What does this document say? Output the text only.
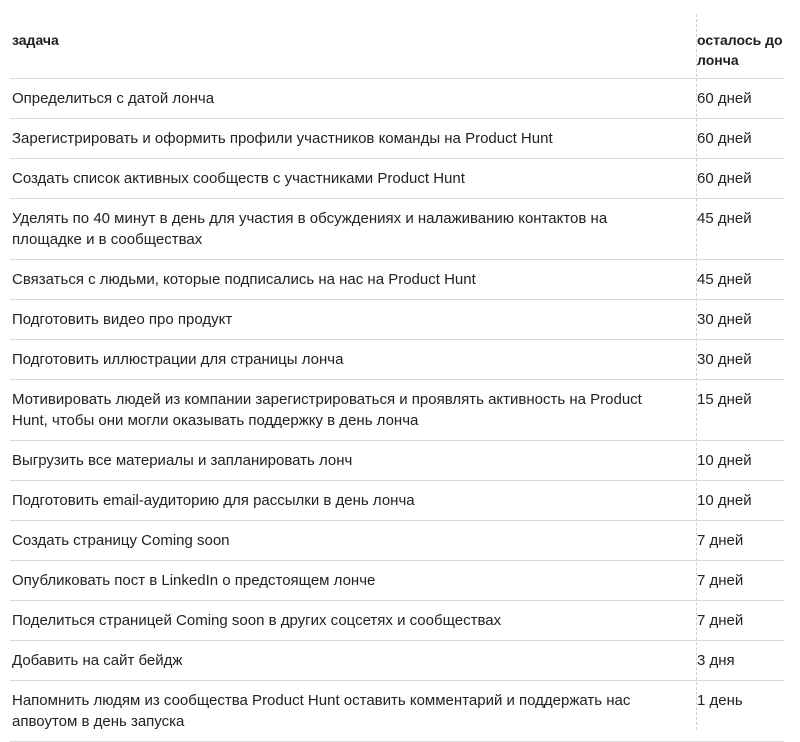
задача	осталось до лонча
Определиться с датой лонча	60 дней
Зарегистрировать и оформить профили участников команды на Product Hunt	60 дней
Создать список активных сообществ с участниками Product Hunt	60 дней
Уделять по 40 минут в день для участия в обсуждениях и налаживанию контактов на площадке и в сообществах	45 дней
Связаться с людьми, которые подписались на нас на Product Hunt	45 дней
Подготовить видео про продукт	30 дней
Подготовить иллюстрации для страницы лонча	30 дней
Мотивировать людей из компании зарегистрироваться и проявлять активность на Product Hunt, чтобы они могли оказывать поддержку в день лонча	15 дней
Выгрузить все материалы и запланировать лонч	10 дней
Подготовить email-аудиторию для рассылки в день лонча	10 дней
Создать страницу Coming soon	7 дней
Опубликовать пост в LinkedIn о предстоящем лонче	7 дней
Поделиться страницей Coming soon в других соцсетях и сообществах	7 дней
Добавить на сайт бейдж	3 дня
Напомнить людям из сообщества Product Hunt оставить комментарий и поддержать нас апвоутом в день запуска	1 день
